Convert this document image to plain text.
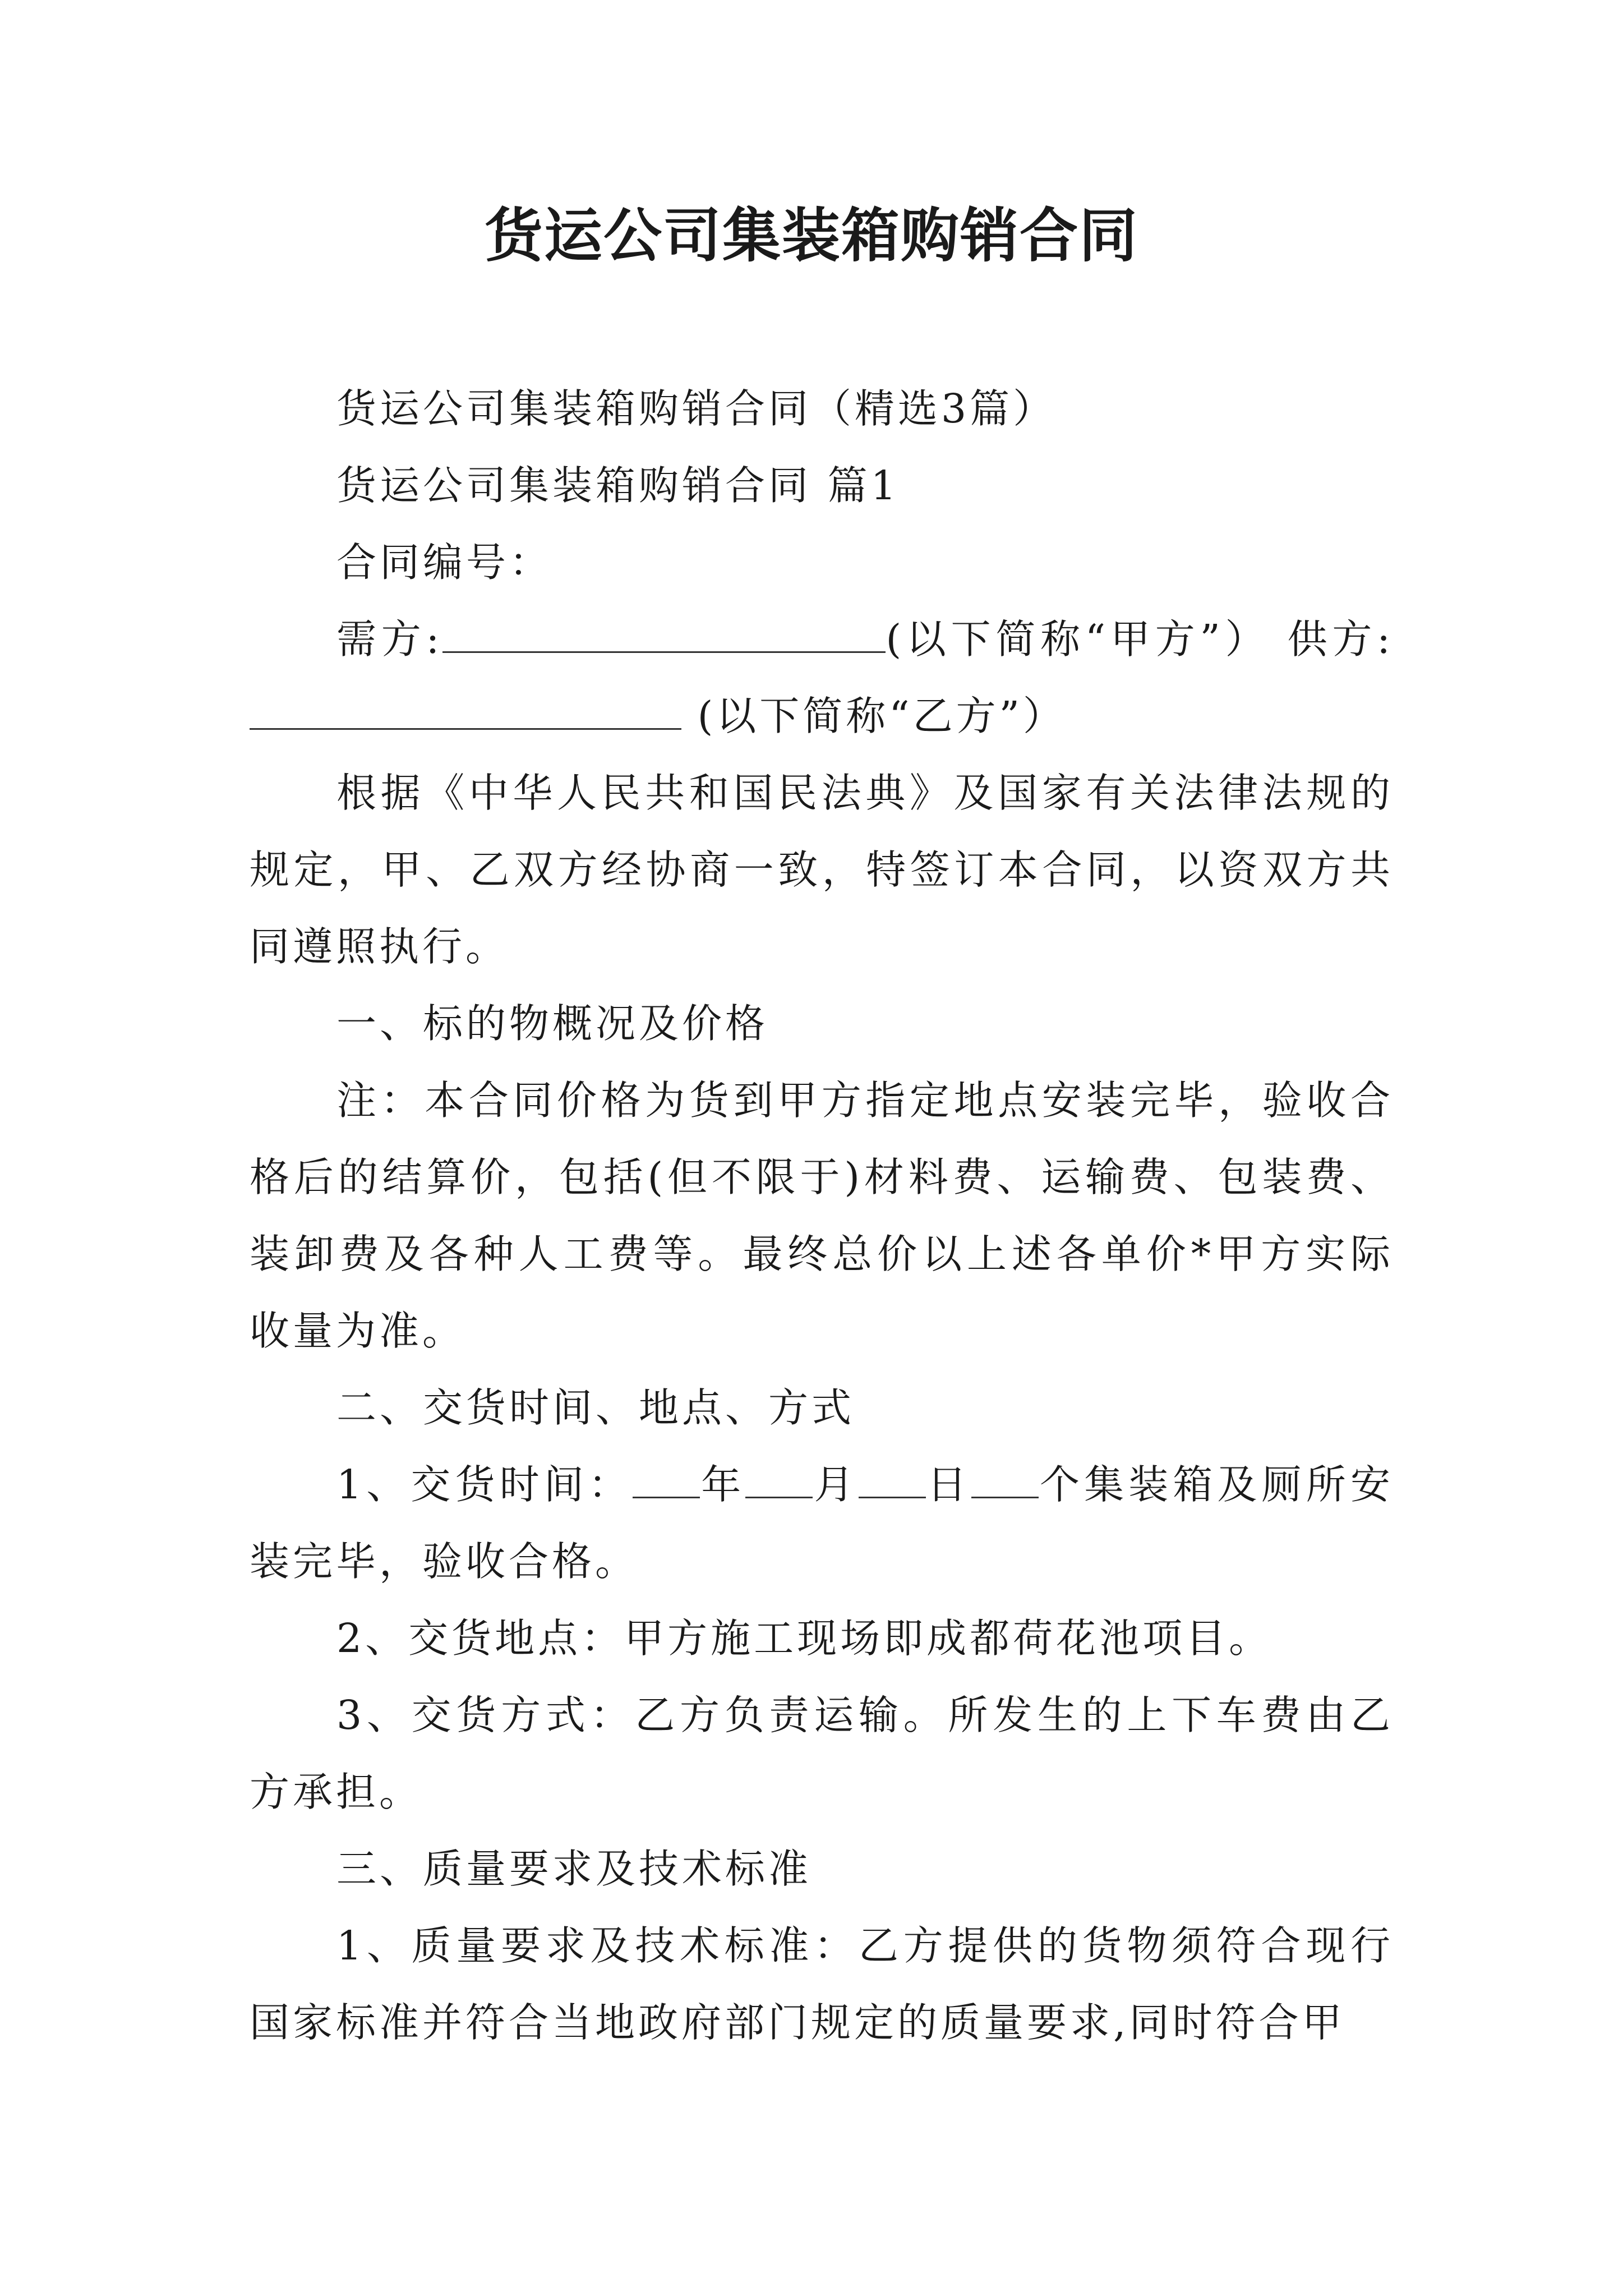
货运公司集装箱购销合同

货运公司集装箱购销合同（精选3篇）

货运公司集装箱购销合同 篇1

合同编号：

需方:	(以下简称“甲方”） 供方:  (以下简称“乙方”）

根据《中华人民共和国民法典》及国家有关法律法规的规定，甲、乙双方经协商一致，特签订本合同，以资双方共同遵照执行。

一、标的物概况及价格

注：本合同价格为货到甲方指定地点安装完毕，验收合格后的结算价，包括(但不限于)材料费、运输费、包装费、装卸费及各种人工费等。最终总价以上述各单价*甲方实际收量为准。

二、交货时间、地点、方式

1、交货时间： 年 月 日 个集装箱及厕所安装完毕，验收合格。

2、交货地点：甲方施工现场即成都荷花池项目。

3、交货方式：乙方负责运输。所发生的上下车费由乙方承担。

三、质量要求及技术标准

1、质量要求及技术标准：乙方提供的货物须符合现行国家标准并符合当地政府部门规定的质量要求,同时符合甲
